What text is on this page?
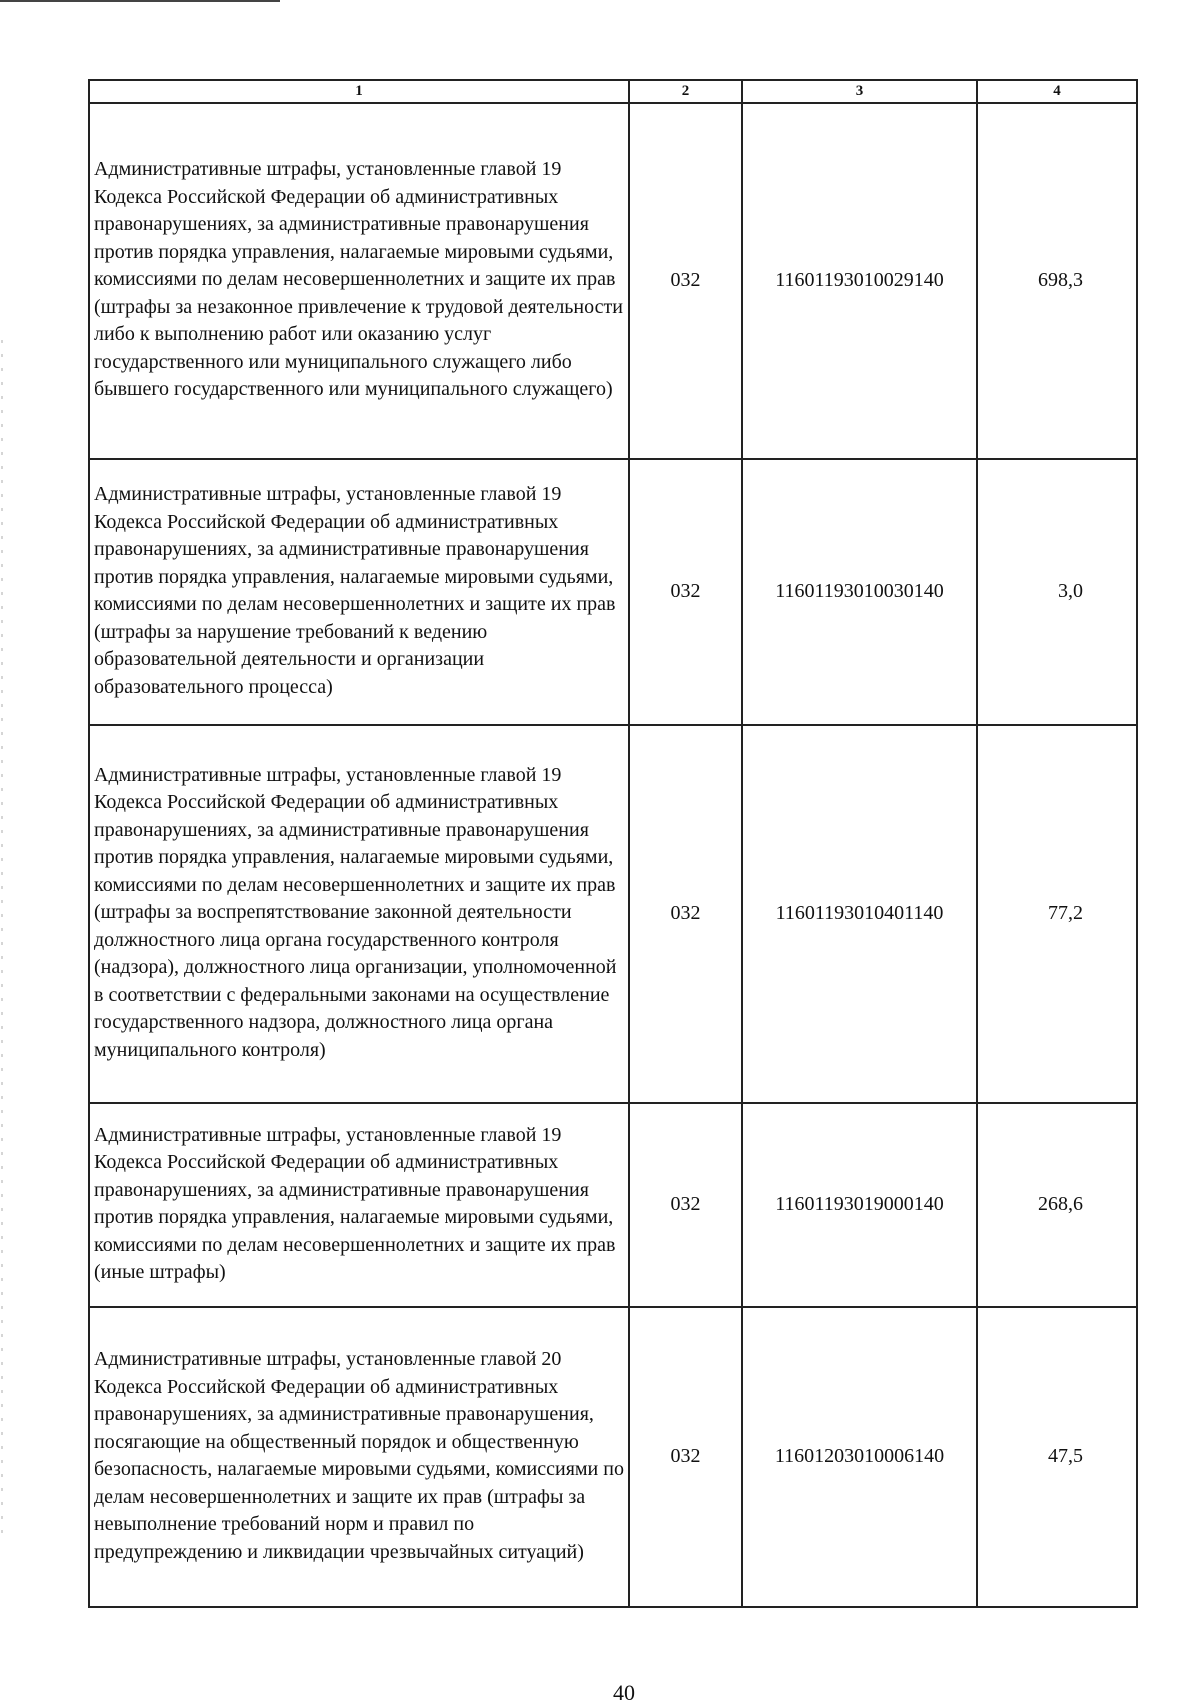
1	2	3	4
Административные штрафы, установленные главой 19 Кодекса Российской Федерации об административных правонарушениях, за административные правонарушения против порядка управления, налагаемые мировыми судьями, комиссиями по делам несовершеннолетних и защите их прав (штрафы за незаконное привлечение к трудовой деятельности либо к выполнению работ или оказанию услуг государственного или муниципального служащего либо бывшего государственного или муниципального служащего)	032	11601193010029140	698,3
Административные штрафы, установленные главой 19 Кодекса Российской Федерации об административных правонарушениях, за административные правонарушения против порядка управления, налагаемые мировыми судьями, комиссиями по делам несовершеннолетних и защите их прав (штрафы за нарушение требований к ведению образовательной деятельности и организации образовательного процесса)	032	11601193010030140	3,0
Административные штрафы, установленные главой 19 Кодекса Российской Федерации об административных правонарушениях, за административные правонарушения против порядка управления, налагаемые мировыми судьями, комиссиями по делам несовершеннолетних и защите их прав (штрафы за воспрепятствование законной деятельности должностного лица органа государственного контроля (надзора), должностного лица организации, уполномоченной в соответствии с федеральными законами на осуществление государственного надзора, должностного лица органа муниципального контроля)	032	11601193010401140	77,2
Административные штрафы, установленные главой 19 Кодекса Российской Федерации об административных правонарушениях, за административные правонарушения против порядка управления, налагаемые мировыми судьями, комиссиями по делам несовершеннолетних и защите их прав (иные штрафы)	032	11601193019000140	268,6
Административные штрафы, установленные главой 20 Кодекса Российской Федерации об административных правонарушениях, за административные правонарушения, посягающие на общественный порядок и общественную безопасность, налагаемые мировыми судьями, комиссиями по делам несовершеннолетних и защите их прав (штрафы за невыполнение требований норм и правил по предупреждению и ликвидации чрезвычайных ситуаций)	032	11601203010006140	47,5
40
